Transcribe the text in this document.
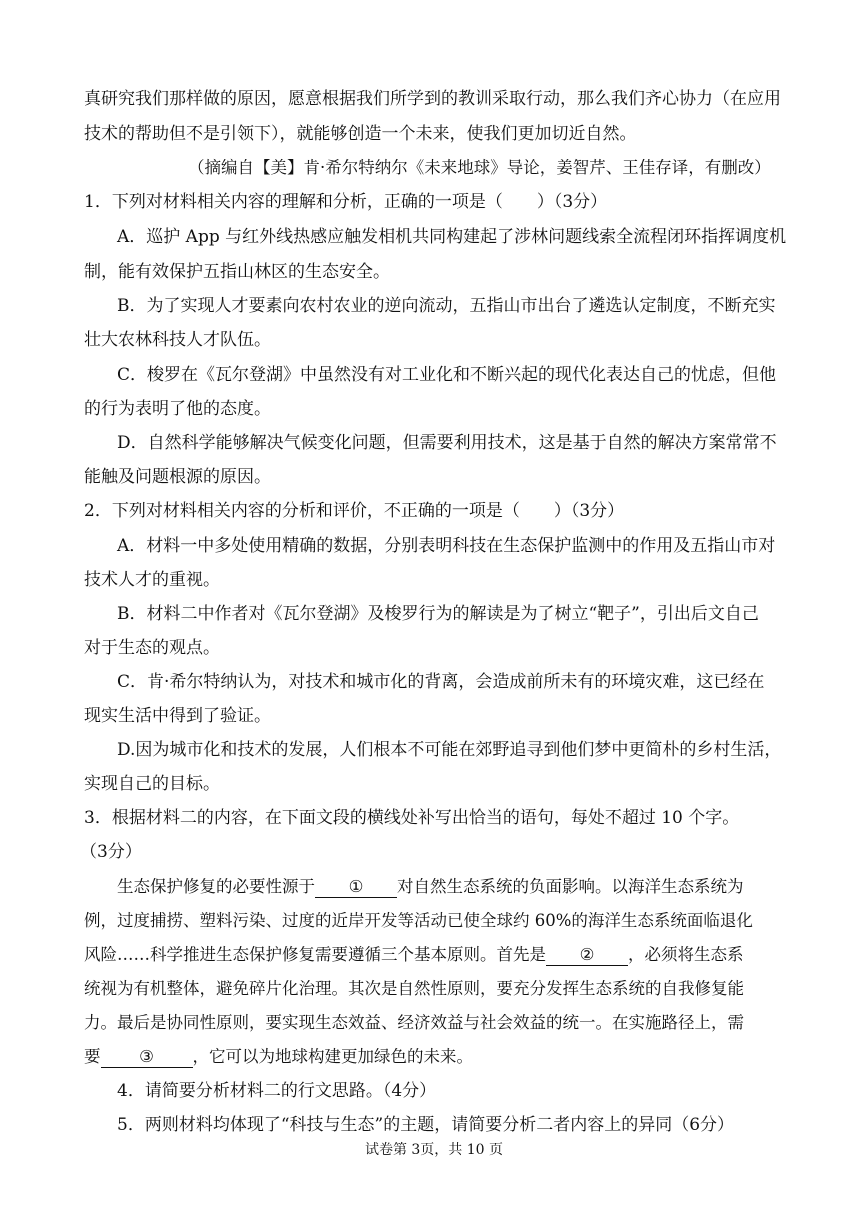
真研究我们那样做的原因，愿意根据我们所学到的教训采取行动，那么我们齐心协力（在应用
技术的帮助但不是引领下），就能够创造一个未来，使我们更加切近自然。
（摘编自【美】肯·希尔特纳尔《未来地球》导论，姜智芹、王佳存译，有删改）
1．下列对材料相关内容的理解和分析，正确的一项是（　　）（3分）
A．巡护 App 与红外线热感应触发相机共同构建起了涉林问题线索全流程闭环指挥调度机
制，能有效保护五指山林区的生态安全。
B．为了实现人才要素向农村农业的逆向流动，五指山市出台了遴选认定制度，不断充实
壮大农林科技人才队伍。
C．梭罗在《瓦尔登湖》中虽然没有对工业化和不断兴起的现代化表达自己的忧虑，但他
的行为表明了他的态度。
D．自然科学能够解决气候变化问题，但需要利用技术，这是基于自然的解决方案常常不
能触及问题根源的原因。
2．下列对材料相关内容的分析和评价，不正确的一项是（　　）（3分）
A．材料一中多处使用精确的数据，分别表明科技在生态保护监测中的作用及五指山市对
技术人才的重视。
B．材料二中作者对《瓦尔登湖》及梭罗行为的解读是为了树立“靶子”，引出后文自己
对于生态的观点。
C．肯·希尔特纳认为，对技术和城市化的背离，会造成前所未有的环境灾难，这已经在
现实生活中得到了验证。
D.因为城市化和技术的发展，人们根本不可能在郊野追寻到他们梦中更简朴的乡村生活，
实现自己的目标。
3．根据材料二的内容，在下面文段的横线处补写出恰当的语句，每处不超过 10 个字。
（3分）
生态保护修复的必要性源于 ① 对自然生态系统的负面影响。以海洋生态系统为
例，过度捕捞、塑料污染、过度的近岸开发等活动已使全球约 60%的海洋生态系统面临退化
风险……科学推进生态保护修复需要遵循三个基本原则。首先是 ② ，必须将生态系
统视为有机整体，避免碎片化治理。其次是自然性原则，要充分发挥生态系统的自我修复能
力。最后是协同性原则，要实现生态效益、经济效益与社会效益的统一。在实施路径上，需
要 ③ ，它可以为地球构建更加绿色的未来。
4．请简要分析材料二的行文思路。（4分）
5．两则材料均体现了“科技与生态”的主题，请简要分析二者内容上的异同（6分）
试卷第 3页，共 10 页
